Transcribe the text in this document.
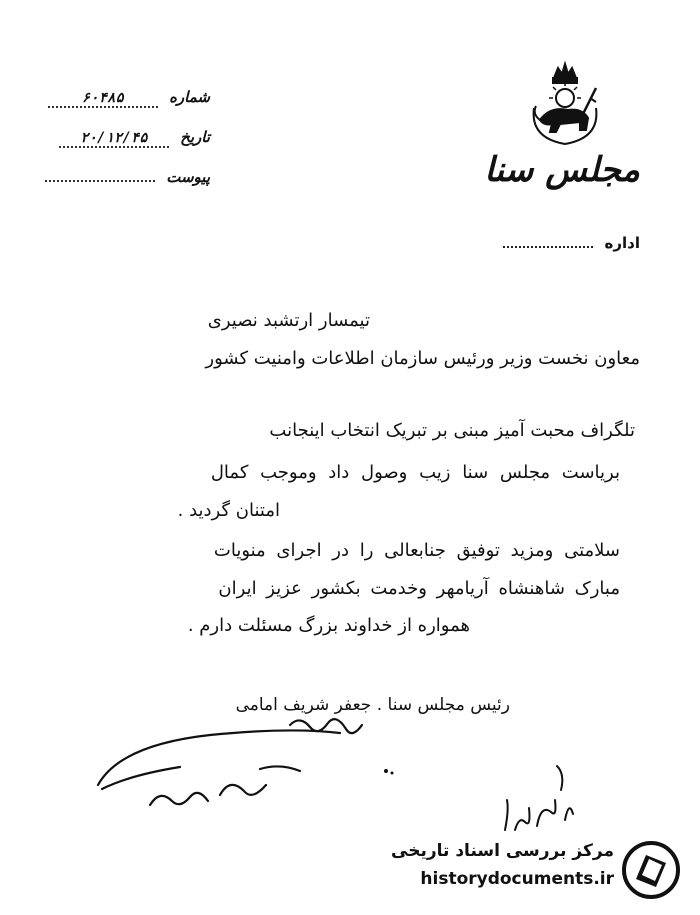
مجلس سنا
اداره
شماره ۶۰۴۸۵
تاریخ ۲۰/۱۲/۴۵
پیوست
تیمسار ارتشبد نصیری
معاون نخست وزیر ورئیس سازمان اطلاعات وامنیت کشور
تلگراف محبت آمیز مبنی بر تبریک انتخاب اینجانب
بریاست مجلس سنا زیب وصول داد وموجب کمال
امتنان گردید .
سلامتی ومزید توفیق جنابعالی را در اجرای منویات
مبارک شاهنشاه آریامهر وخدمت بکشور عزیز ایران
همواره از خداوند بزرگ مسئلت دارم .
رئیس مجلس سنا . جعفر شریف امامی
مرکز بررسی اسناد تاریخی
historydocuments.ir
